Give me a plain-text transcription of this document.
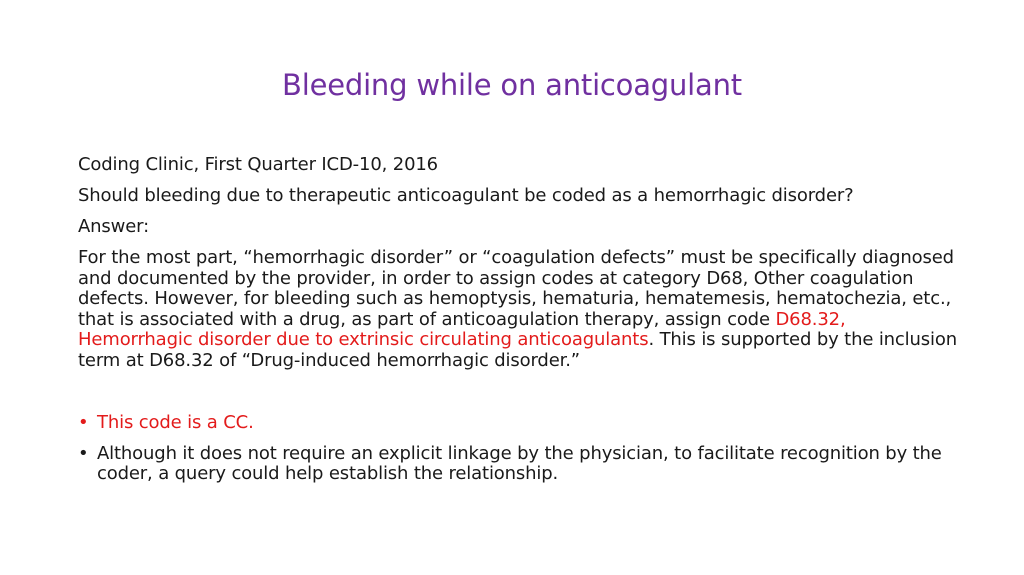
Bleeding while on anticoagulant

Coding Clinic, First Quarter ICD-10, 2016

Should bleeding due to therapeutic anticoagulant be coded as a hemorrhagic disorder?

Answer:

For the most part, “hemorrhagic disorder” or “coagulation defects” must be specifically diagnosed and documented by the provider, in order to assign codes at category D68, Other coagulation defects. However, for bleeding such as hemoptysis, hematuria, hematemesis, hematochezia, etc., that is associated with a drug, as part of anticoagulation therapy, assign code D68.32, Hemorrhagic disorder due to extrinsic circulating anticoagulants. This is supported by the inclusion term at D68.32 of “Drug-induced hemorrhagic disorder.”

• This code is a CC.
• Although it does not require an explicit linkage by the physician, to facilitate recognition by the coder, a query could help establish the relationship.
